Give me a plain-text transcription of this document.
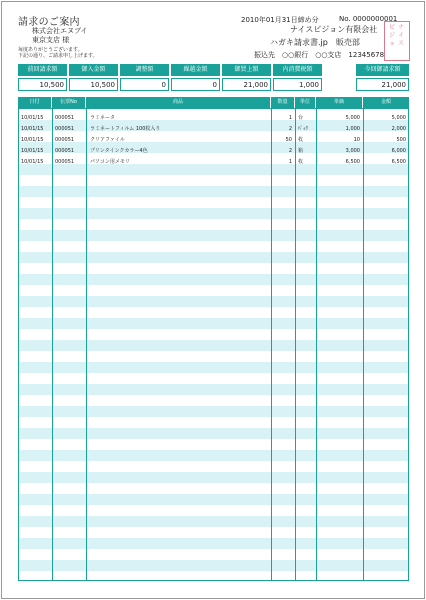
請求のご案内	2010年01月31日締め分	No. 0000000001
株式会社エヌブイ
東京支店 様
毎度ありがとうございます。
下記の通り、ご請求申し上げます。
ナイスビジョン有限会社
ハガキ請求書.jp　販売部
振込先　○○銀行　○○支店　12345678
ナ
イ
ス
ビ
ジ
ョ
前回請求額	御入金額	調整額	繰越金額	御買上額	内消費税額	今回御請求額
10,500	10,500	0	0	21,000	1,000	21,000
日付	伝票No	商品	数量	単位	単価	金額
10/01/15 000051	ラミネータ	1 台	5,000	5,000
10/01/15 000051	ラミネートフィルム 100枚入り	2 ﾊﾟｯｸ	1,000	2,000
10/01/15 000051	クリアファイル	50 枚	10	500
10/01/15 000051	プリンタインクカラー4色	2 箱	3,000	6,000
10/01/15 000051	パソコン用メモリ	1 枚	6,500	6,500
